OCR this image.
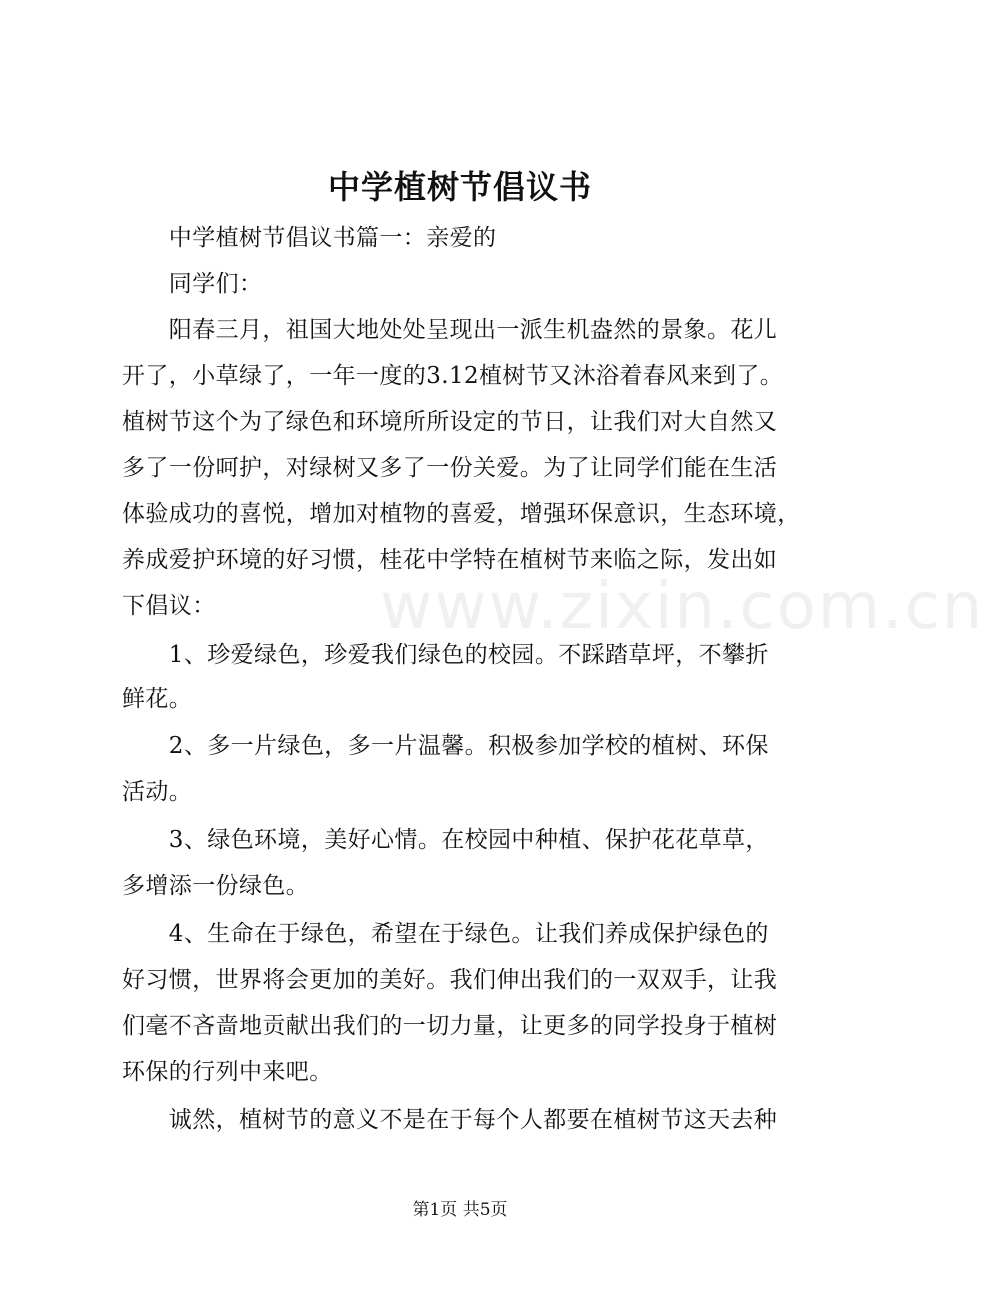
www.zixin.com.cn
中学植树节倡议书
　　中学植树节倡议书篇一：亲爱的
　　同学们：
　　阳春三月，祖国大地处处呈现出一派生机盎然的景象。花儿
开了，小草绿了，一年一度的3.12植树节又沐浴着春风来到了。
植树节这个为了绿色和环境所所设定的节日，让我们对大自然又
多了一份呵护，对绿树又多了一份关爱。为了让同学们能在生活
体验成功的喜悦，增加对植物的喜爱，增强环保意识，生态环境，
养成爱护环境的好习惯，桂花中学特在植树节来临之际，发出如
下倡议：
　　1、珍爱绿色，珍爱我们绿色的校园。不踩踏草坪，不攀折
鲜花。
　　2、多一片绿色，多一片温馨。积极参加学校的植树、环保
活动。
　　3、绿色环境，美好心情。在校园中种植、保护花花草草，
多增添一份绿色。
　　4、生命在于绿色，希望在于绿色。让我们养成保护绿色的
好习惯，世界将会更加的美好。我们伸出我们的一双双手，让我
们毫不吝啬地贡献出我们的一切力量，让更多的同学投身于植树
环保的行列中来吧。
　　诚然，植树节的意义不是在于每个人都要在植树节这天去种
第1页 共5页
